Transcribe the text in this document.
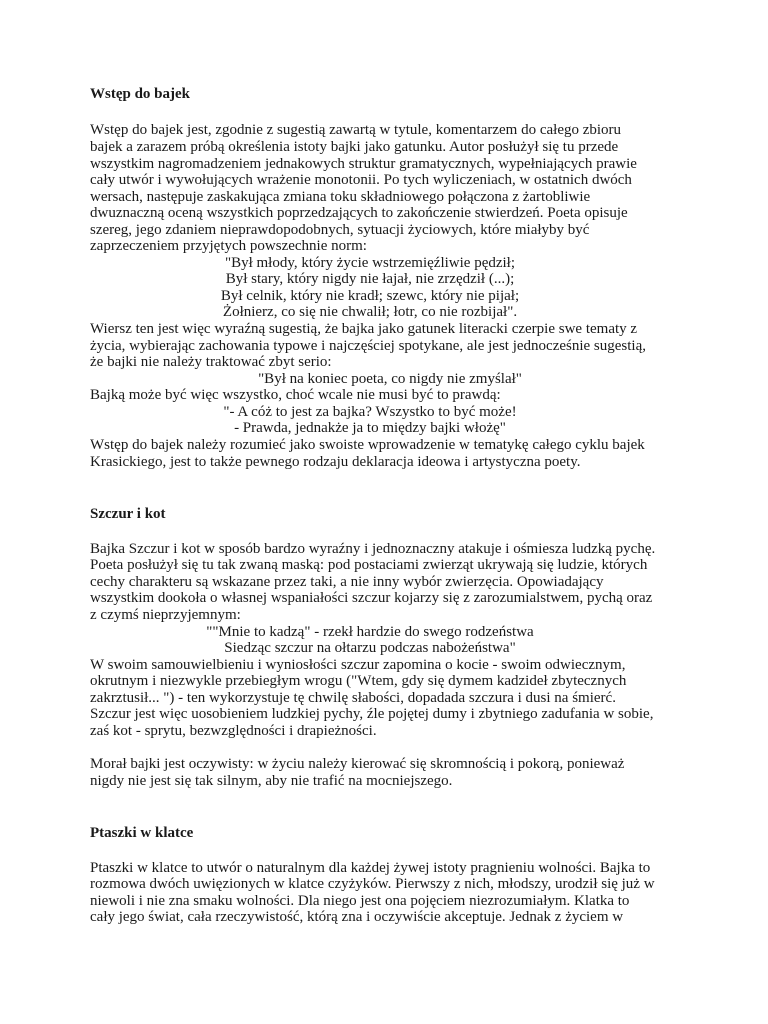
Wstęp do bajek
Wstęp do bajek jest, zgodnie z sugestią zawartą w tytule, komentarzem do całego zbioru
bajek a zarazem próbą określenia istoty bajki jako gatunku. Autor posłużył się tu przede
wszystkim nagromadzeniem jednakowych struktur gramatycznych, wypełniających prawie
cały utwór i wywołujących wrażenie monotonii. Po tych wyliczeniach, w ostatnich dwóch
wersach, następuje zaskakująca zmiana toku składniowego połączona z żartobliwie
dwuznaczną oceną wszystkich poprzedzających to zakończenie stwierdzeń. Poeta opisuje
szereg, jego zdaniem nieprawdopodobnych, sytuacji życiowych, które miałyby być
zaprzeczeniem przyjętych powszechnie norm:
"Był młody, który życie wstrzemięźliwie pędził;
Był stary, który nigdy nie łajał, nie zrzędził (...);
Był celnik, który nie kradł; szewc, który nie pijał;
Żołnierz, co się nie chwalił; łotr, co nie rozbijał".
Wiersz ten jest więc wyraźną sugestią, że bajka jako gatunek literacki czerpie swe tematy z
życia, wybierając zachowania typowe i najczęściej spotykane, ale jest jednocześnie sugestią,
że bajki nie należy traktować zbyt serio:
"Był na koniec poeta, co nigdy nie zmyślał"
Bajką może być więc wszystko, choć wcale nie musi być to prawdą:
"- A cóż to jest za bajka? Wszystko to być może!
- Prawda, jednakże ja to między bajki włożę"
Wstęp do bajek należy rozumieć jako swoiste wprowadzenie w tematykę całego cyklu bajek
Krasickiego, jest to także pewnego rodzaju deklaracja ideowa i artystyczna poety.
Szczur i kot
Bajka Szczur i kot w sposób bardzo wyraźny i jednoznaczny atakuje i ośmiesza ludzką pychę.
Poeta posłużył się tu tak zwaną maską: pod postaciami zwierząt ukrywają się ludzie, których
cechy charakteru są wskazane przez taki, a nie inny wybór zwierzęcia. Opowiadający
wszystkim dookoła o własnej wspaniałości szczur kojarzy się z zarozumialstwem, pychą oraz
z czymś nieprzyjemnym:
""Mnie to kadzą" - rzekł hardzie do swego rodzeństwa
Siedząc szczur na ołtarzu podczas nabożeństwa"
W swoim samouwielbieniu i wyniosłości szczur zapomina o kocie - swoim odwiecznym,
okrutnym i niezwykle przebiegłym wrogu ("Wtem, gdy się dymem kadzideł zbytecznych
zakrztusił... ") - ten wykorzystuje tę chwilę słabości, dopadada szczura i dusi na śmierć.
Szczur jest więc uosobieniem ludzkiej pychy, źle pojętej dumy i zbytniego zadufania w sobie,
zaś kot - sprytu, bezwzględności i drapieżności.
Morał bajki jest oczywisty: w życiu należy kierować się skromnością i pokorą, ponieważ
nigdy nie jest się tak silnym, aby nie trafić na mocniejszego.
Ptaszki w klatce
Ptaszki w klatce to utwór o naturalnym dla każdej żywej istoty pragnieniu wolności. Bajka to
rozmowa dwóch uwięzionych w klatce czyżyków. Pierwszy z nich, młodszy, urodził się już w
niewoli i nie zna smaku wolności. Dla niego jest ona pojęciem niezrozumiałym. Klatka to
cały jego świat, cała rzeczywistość, którą zna i oczywiście akceptuje. Jednak z życiem w
